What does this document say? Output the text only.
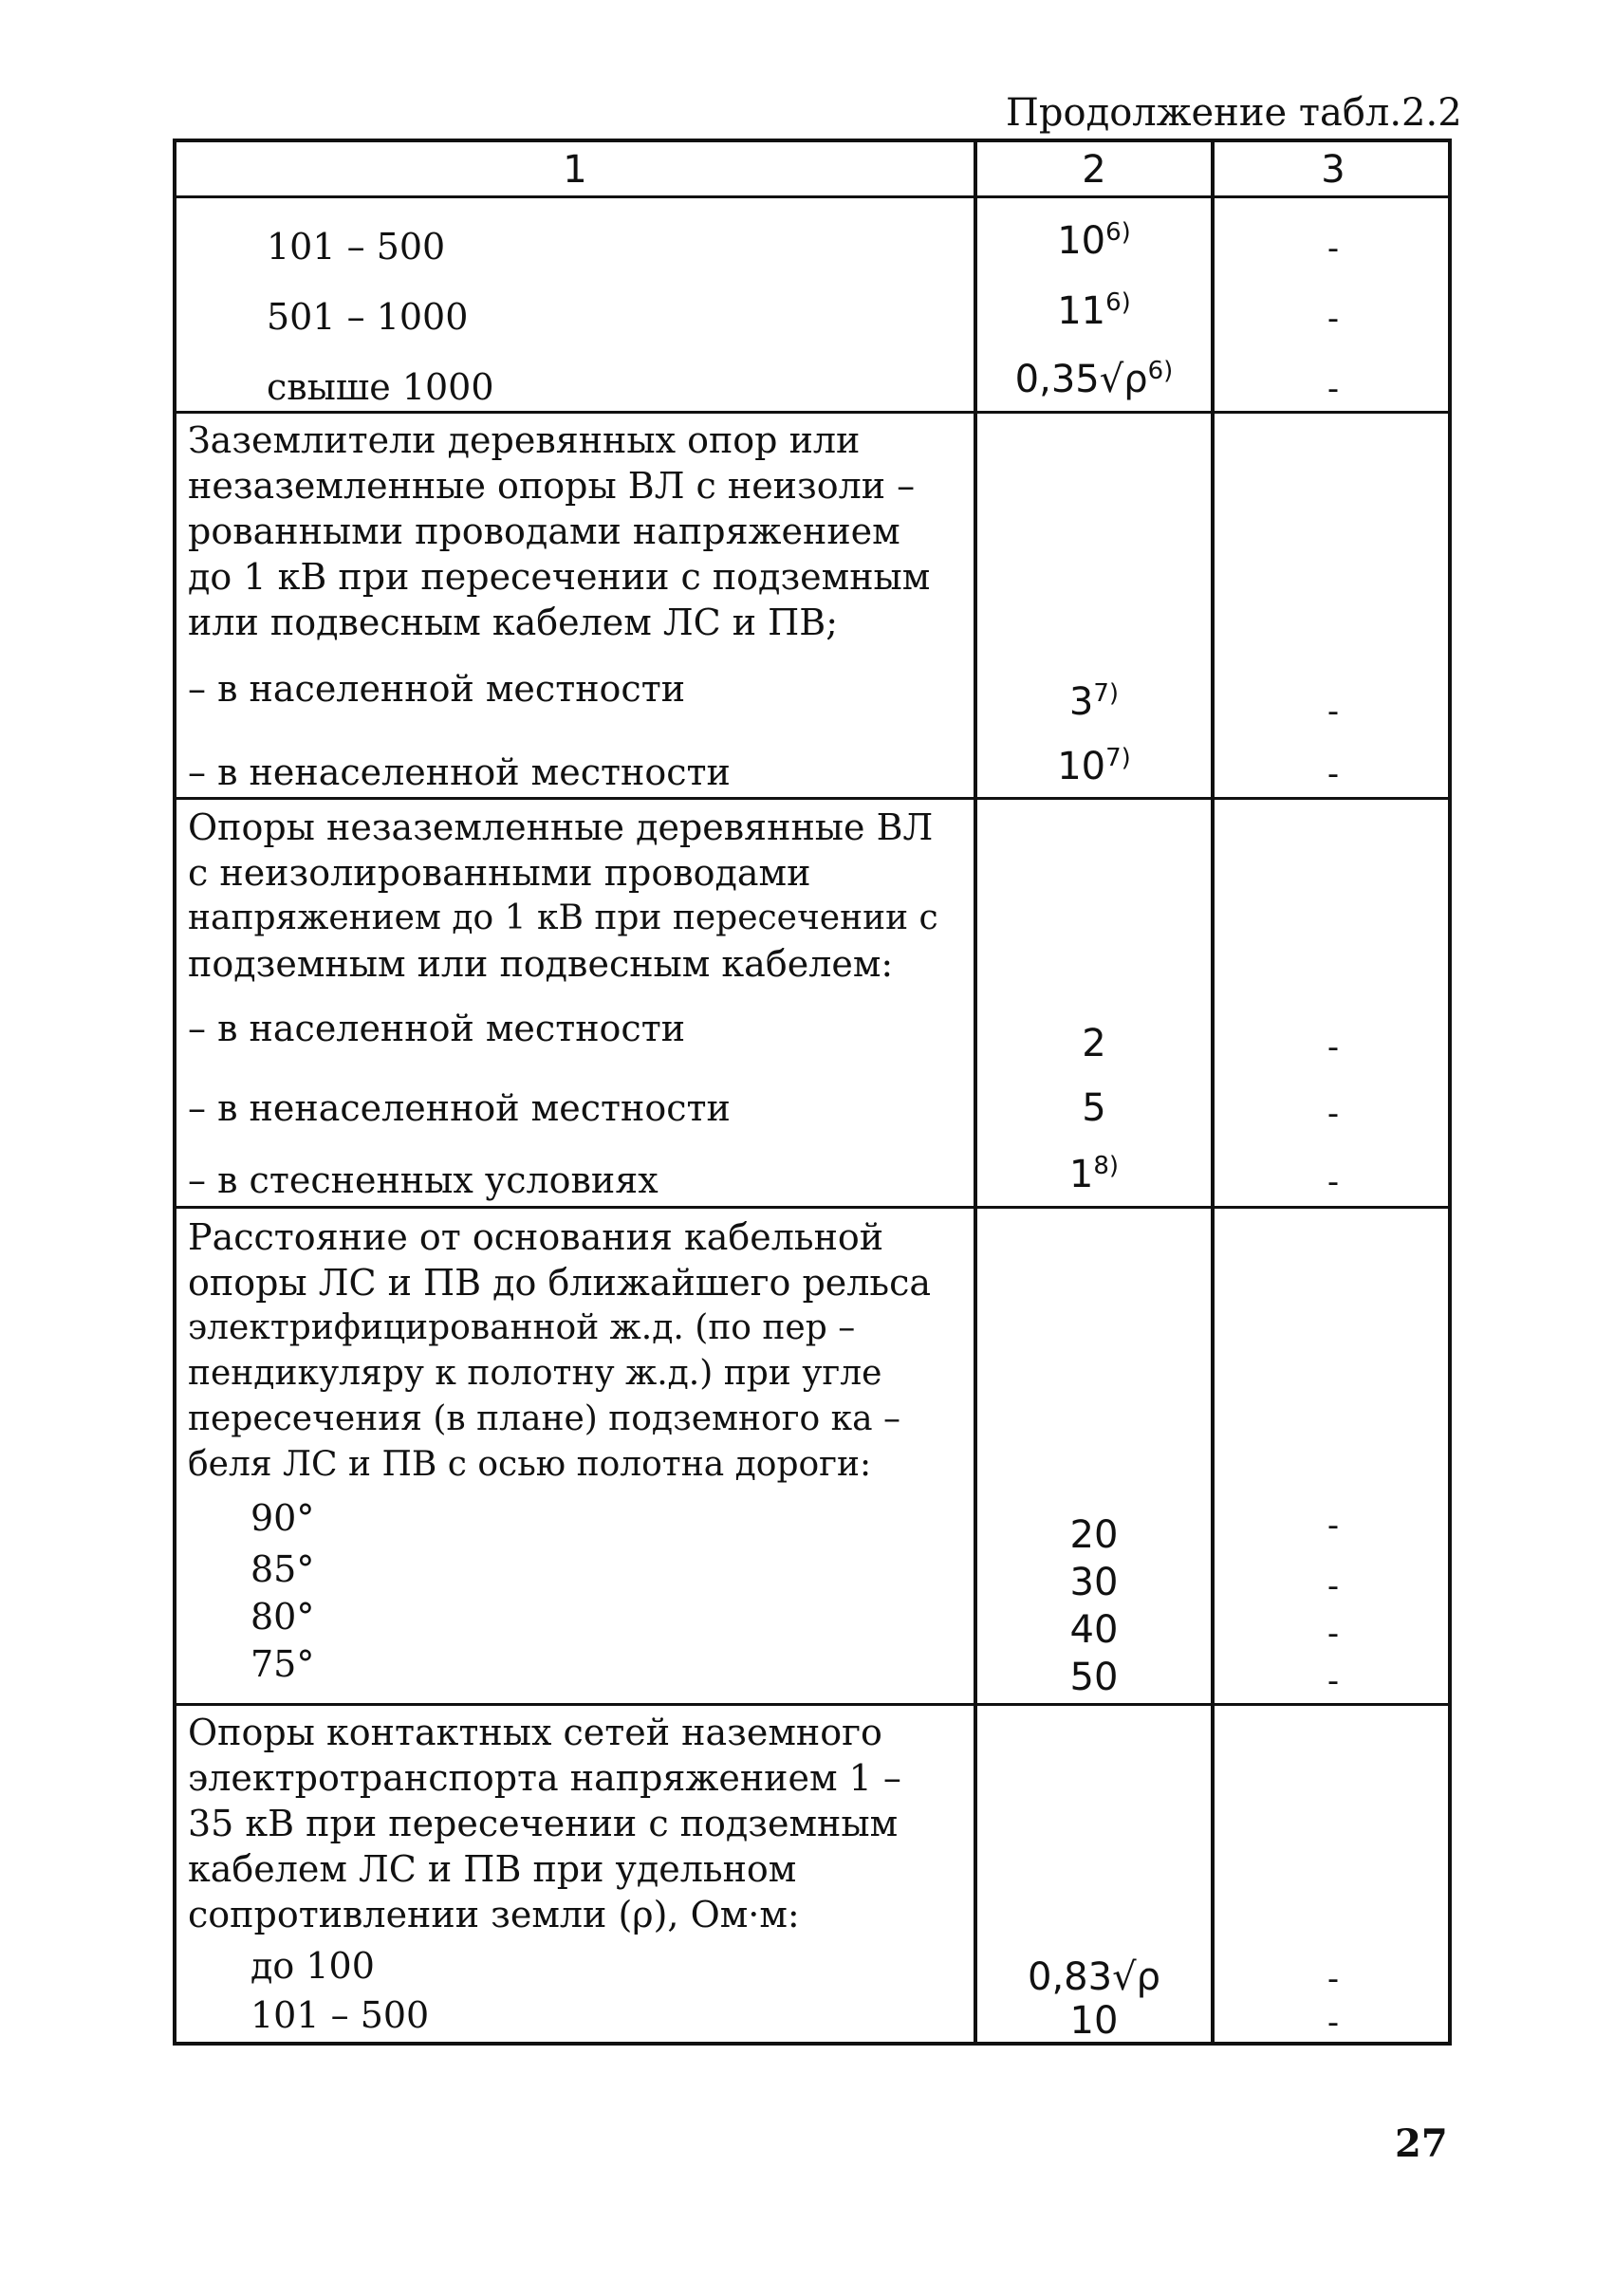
Продолжение табл.2.2
1	2	3
101 – 500	10$^{6)}$	-
501 – 1000	11$^{6)}$	-
свыше 1000	$0,35√\rho^{6)}$	-
Заземлители деревянных опор или
незаземленные опоры ВЛ с неизоли –
рованными проводами напряжением
до 1 кВ при пересечении с подземным
или подвесным кабелем ЛС и ПВ;
– в населенной местности	3$^{7)}$	-
– в ненаселенной местности	10$^{7)}$	-
Опоры незаземленные деревянные ВЛ
с неизолированными проводами
напряжением до 1 кВ при пересечении с
подземным или подвесным кабелем:
– в населенной местности	2	-
– в ненаселенной местности	5	-
– в стесненных условиях	1$^{8)}$	-
Расстояние от основания кабельной
опоры ЛС и ПВ до ближайшего рельса
электрифицированной ж.д. (по пер –
пендикуляру к полотну ж.д.) при угле
пересечения (в плане) подземного ка –
беля ЛС и ПВ с осью полотна дороги:
90°	20	-
85°	30	-
80°	40	-
75°	50	-
Опоры контактных сетей наземного
электротранспорта напряжением 1 –
35 кВ при пересечении с подземным
кабелем ЛС и ПВ при удельном
сопротивлении земли (ρ), Ом·м:
до 100	0,83√ρ	-
101 – 500	10	-
27
